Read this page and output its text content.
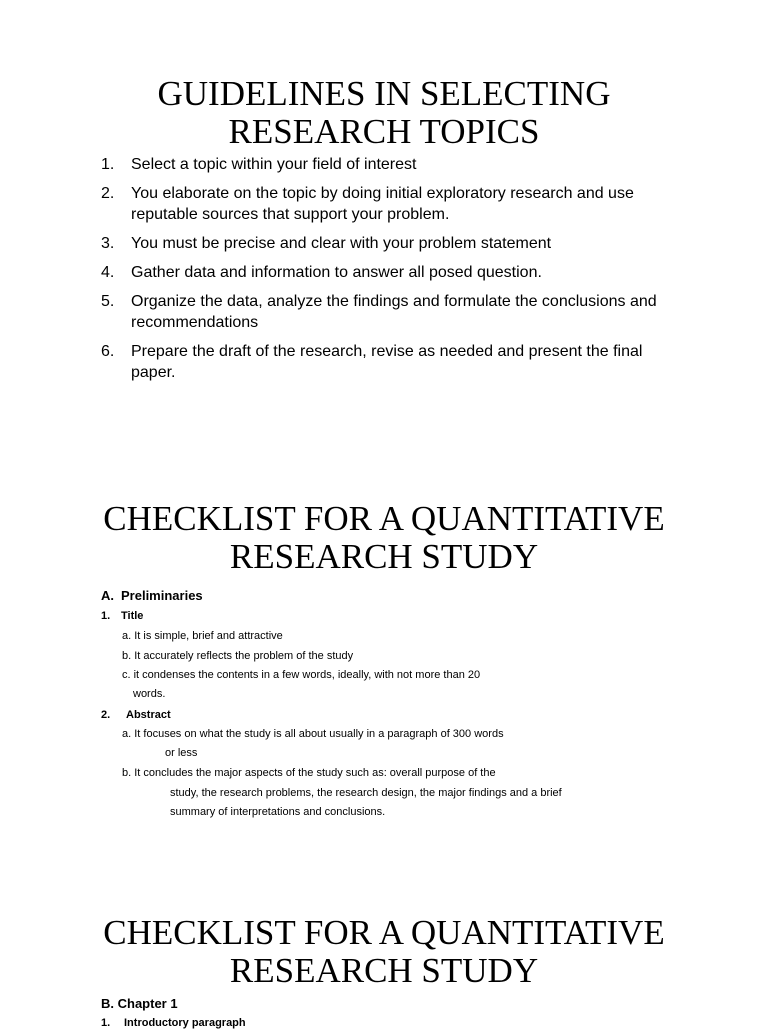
GUIDELINES IN SELECTING
RESEARCH TOPICS
1. Select a topic within your field of interest
2. You elaborate on the topic by doing initial exploratory research and use reputable sources that support your problem.
3. You must be precise and clear with your problem statement
4. Gather data and information to answer all posed question.
5. Organize the data, analyze the findings and formulate the conclusions and recommendations
6. Prepare the draft of the research, revise as needed and present the final paper.
CHECKLIST FOR A QUANTITATIVE
RESEARCH STUDY
A. Preliminaries
1. Title
a. It is simple, brief and attractive
b. It accurately reflects the problem of the study
c. it condenses the contents in a few words, ideally, with not more than 20
words.
2. Abstract
a. It focuses on what the study is all about usually in a paragraph of 300 words
or less
b. It concludes the major aspects of the study such as: overall purpose of the
study, the research problems, the research design, the major findings and a brief
summary of interpretations and conclusions.
CHECKLIST FOR A QUANTITATIVE
RESEARCH STUDY
B. Chapter 1
1. Introductory paragraph
